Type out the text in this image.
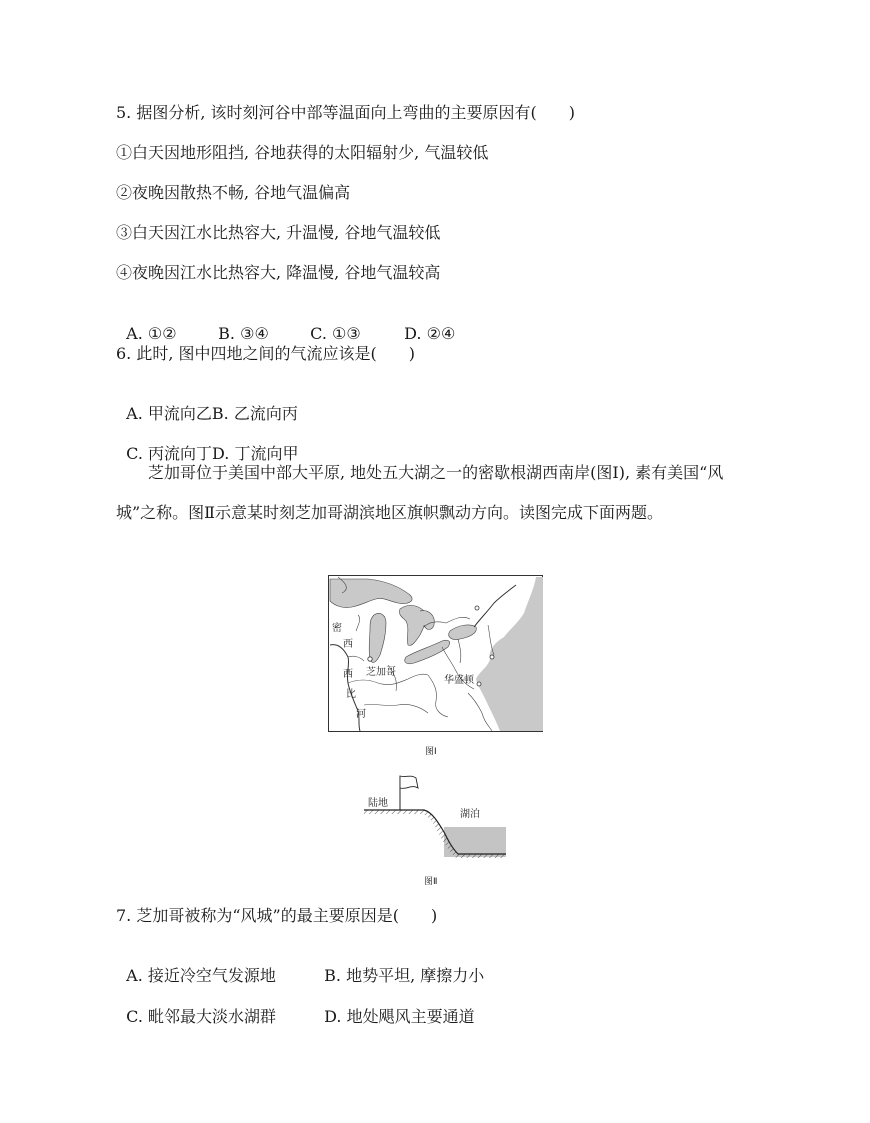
5. 据图分析, 该时刻河谷中部等温面向上弯曲的主要原因有(　　)
①白天因地形阻挡, 谷地获得的太阳辐射少, 气温较低
②夜晚因散热不畅, 谷地气温偏高
③白天因江水比热容大, 升温慢, 谷地气温较低
④夜晚因江水比热容大, 降温慢, 谷地气温较高

A. ①②	B. ③④	C. ①③	D. ②④

6. 此时, 图中四地之间的气流应该是(　　)

A. 甲流向乙B. 乙流向丙

C. 丙流向丁D. 丁流向甲

芝加哥位于美国中部大平原, 地处五大湖之一的密歇根湖西南岸(图Ⅰ), 素有美国“风城”之称。图Ⅱ示意某时刻芝加哥湖滨地区旗帜飘动方向。读图完成下面两题。
密
西
西
比
河
芝加哥
华盛顿
图Ⅰ
陆地
湖泊
图Ⅱ
7. 芝加哥被称为“风城”的最主要原因是(　　)

A. 接近冷空气发源地	B. 地势平坦, 摩擦力小

C. 毗邻最大淡水湖群	D. 地处飓风主要通道
